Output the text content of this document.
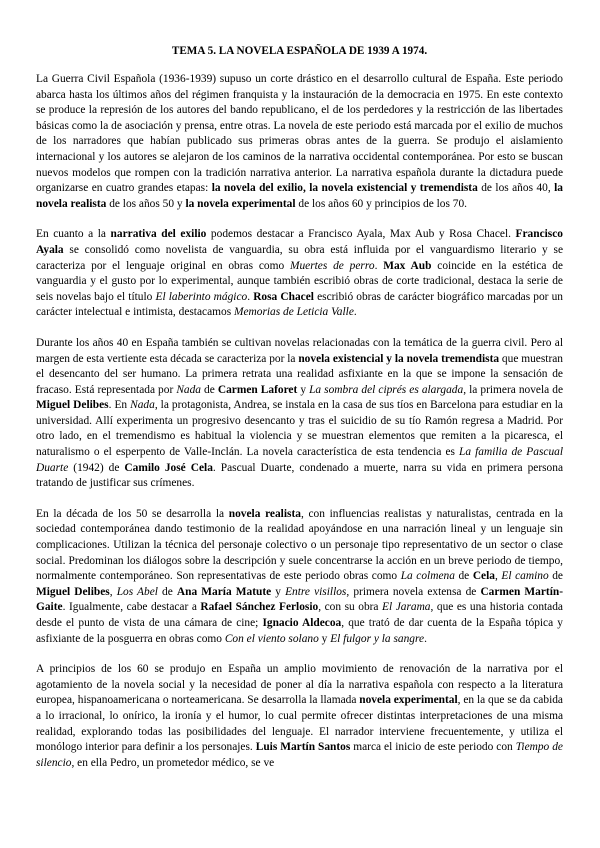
TEMA 5. LA NOVELA ESPAÑOLA DE 1939 A 1974.

La Guerra Civil Española (1936-1939) supuso un corte drástico en el desarrollo cultural de España. Este periodo abarca hasta los últimos años del régimen franquista y la instauración de la democracia en 1975. En este contexto se produce la represión de los autores del bando republicano, el de los perdedores y la restricción de las libertades básicas como la de asociación y prensa, entre otras. La novela de este periodo está marcada por el exilio de muchos de los narradores que habían publicado sus primeras obras antes de la guerra. Se produjo el aislamiento internacional y los autores se alejaron de los caminos de la narrativa occidental contemporánea. Por esto se buscan nuevos modelos que rompen con la tradición narrativa anterior. La narrativa española durante la dictadura puede organizarse en cuatro grandes etapas: la novela del exilio, la novela existencial y tremendista de los años 40, la novela realista de los años 50 y la novela experimental de los años 60 y principios de los 70.

En cuanto a la narrativa del exilio podemos destacar a Francisco Ayala, Max Aub y Rosa Chacel. Francisco Ayala se consolidó como novelista de vanguardia, su obra está influida por el vanguardismo literario y se caracteriza por el lenguaje original en obras como Muertes de perro. Max Aub coincide en la estética de vanguardia y el gusto por lo experimental, aunque también escribió obras de corte tradicional, destaca la serie de seis novelas bajo el título El laberinto mágico. Rosa Chacel escribió obras de carácter biográfico marcadas por un carácter intelectual e intimista, destacamos Memorias de Leticia Valle.

Durante los años 40 en España también se cultivan novelas relacionadas con la temática de la guerra civil. Pero al margen de esta vertiente esta década se caracteriza por la novela existencial y la novela tremendista que muestran el desencanto del ser humano. La primera retrata una realidad asfixiante en la que se impone la sensación de fracaso. Está representada por Nada de Carmen Laforet y La sombra del ciprés es alargada, la primera novela de Miguel Delibes. En Nada, la protagonista, Andrea, se instala en la casa de sus tíos en Barcelona para estudiar en la universidad. Allí experimenta un progresivo desencanto y tras el suicidio de su tío Ramón regresa a Madrid. Por otro lado, en el tremendismo es habitual la violencia y se muestran elementos que remiten a la picaresca, el naturalismo o el esperpento de Valle-Inclán. La novela característica de esta tendencia es La familia de Pascual Duarte (1942) de Camilo José Cela. Pascual Duarte, condenado a muerte, narra su vida en primera persona tratando de justificar sus crímenes.

En la década de los 50 se desarrolla la novela realista, con influencias realistas y naturalistas, centrada en la sociedad contemporánea dando testimonio de la realidad apoyándose en una narración lineal y un lenguaje sin complicaciones. Utilizan la técnica del personaje colectivo o un personaje tipo representativo de un sector o clase social. Predominan los diálogos sobre la descripción y suele concentrarse la acción en un breve periodo de tiempo, normalmente contemporáneo. Son representativas de este periodo obras como La colmena de Cela, El camino de Miguel Delibes, Los Abel de Ana María Matute y Entre visillos, primera novela extensa de Carmen Martín-Gaite. Igualmente, cabe destacar a Rafael Sánchez Ferlosio, con su obra El Jarama, que es una historia contada desde el punto de vista de una cámara de cine; Ignacio Aldecoa, que trató de dar cuenta de la España tópica y asfixiante de la posguerra en obras como Con el viento solano y El fulgor y la sangre.

A principios de los 60 se produjo en España un amplio movimiento de renovación de la narrativa por el agotamiento de la novela social y la necesidad de poner al día la narrativa española con respecto a la literatura europea, hispanoamericana o norteamericana. Se desarrolla la llamada novela experimental, en la que se da cabida a lo irracional, lo onírico, la ironía y el humor, lo cual permite ofrecer distintas interpretaciones de una misma realidad, explorando todas las posibilidades del lenguaje. El narrador interviene frecuentemente, y utiliza el monólogo interior para definir a los personajes. Luis Martín Santos marca el inicio de este periodo con Tiempo de silencio, en ella Pedro, un prometedor médico, se ve
